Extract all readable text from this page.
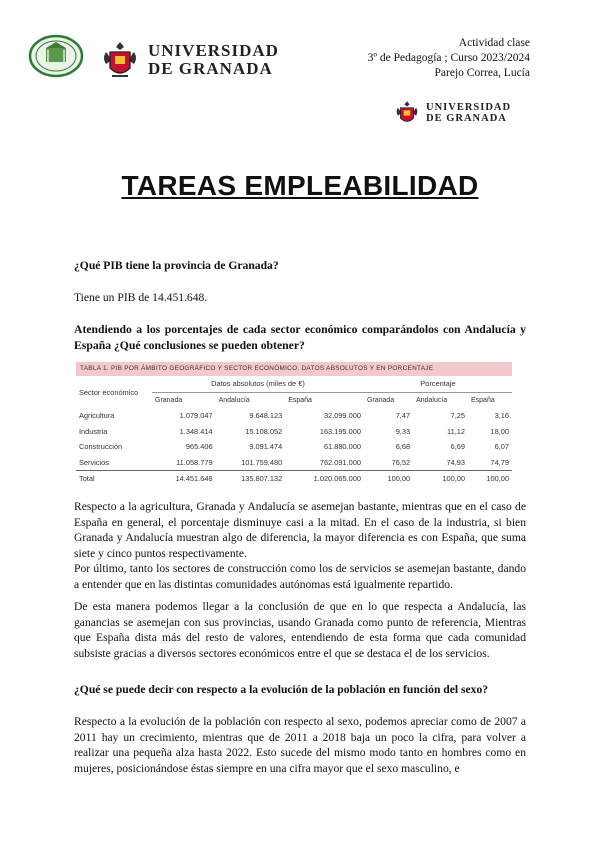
UNIVERSIDAD
DE GRANADA
Actividad clase
3º de Pedagogía ; Curso 2023/2024
Parejo Correa, Lucía
UNIVERSIDAD
DE GRANADA
TAREAS EMPLEABILIDAD
¿Qué PIB tiene la provincia de Granada?
Tiene un PIB de 14.451.648.
Atendiendo a los porcentajes de cada sector económico comparándolos con Andalucía y España ¿Qué conclusiones se pueden obtener?
TABLA 1. PIB POR ÁMBITO GEOGRÁFICO Y SECTOR ECONÓMICO. DATOS ABSOLUTOS Y EN PORCENTAJE
Sector económico	Datos absolutos (miles de €)			Porcentaje		
	Granada	Andalucía	España	Granada	Andalucía	España
Agricultura	1.079.047	9.648.123	32.099.000	7,47	7,25	3,16
Industria	1.348.414	15.108.052	163.195.000	9,33	11,12	18,00
Construcción	965.406	9.091.474	61.880.000	6,68	6,69	6,07
Servicios	11.058.779	101.759.480	762.091.000	76,52	74,93	74,79
Total	14.451.648	135.807.132	1.020.065.000	100,00	100,00	100,00
Respecto a la agricultura, Granada y Andalucía se asemejan bastante, mientras que en el caso de España en general, el porcentaje disminuye casi a la mitad. En el caso de la industria, si bien Granada y Andalucía muestran algo de diferencia, la mayor diferencia es con España, que suma siete y cinco puntos respectivamente.
Por último, tanto los sectores de construcción como los de servicios se asemejan bastante, dando a entender que en las distintas comunidades autónomas está igualmente repartido.
De esta manera podemos llegar a la conclusión de que en lo que respecta a Andalucía, las ganancias se asemejan con sus provincias, usando Granada como punto de referencia, Mientras que España dista más del resto de valores, entendiendo de esta forma que cada comunidad subsiste gracias a diversos sectores económicos entre el que se destaca el de los servicios.
¿Qué se puede decir con respecto a la evolución de la población en función del sexo?
Respecto a la evolución de la población con respecto al sexo, podemos apreciar como de 2007 a 2011 hay un crecimiento, mientras que de 2011 a 2018 baja un poco la cifra, para volver a realizar una pequeña alza hasta 2022. Esto sucede del mismo modo tanto en hombres como en mujeres, posicionándose éstas siempre en una cifra mayor que el sexo masculino, e
